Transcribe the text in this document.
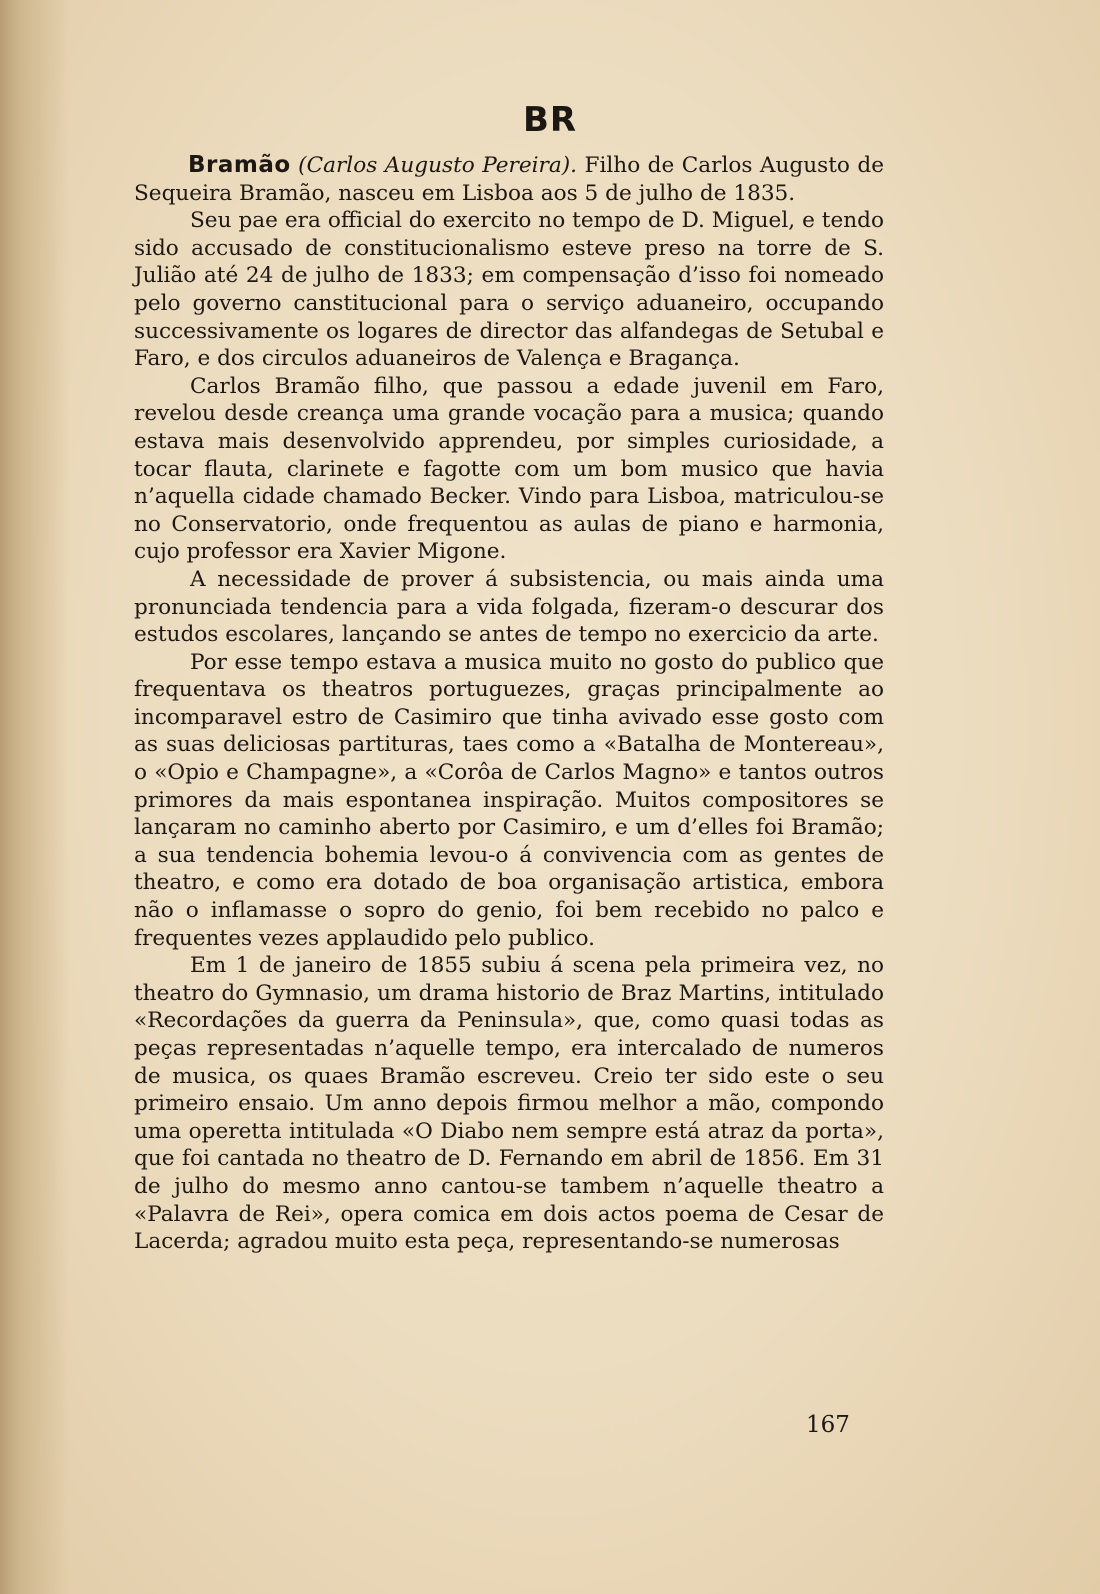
BR

Bramão (Carlos Augusto Pereira). Filho de Carlos Augusto de Sequeira Bramão, nasceu em Lisboa aos 5 de julho de 1835.

Seu pae era official do exercito no tempo de D. Miguel, e tendo sido accusado de constitucionalismo esteve preso na torre de S. Julião até 24 de julho de 1833; em compensação d’isso foi nomeado pelo governo canstitucional para o serviço aduaneiro, occupando successivamente os logares de director das alfandegas de Setubal e Faro, e dos circulos aduaneiros de Valença e Bragança.

Carlos Bramão filho, que passou a edade juvenil em Faro, revelou desde creança uma grande vocação para a musica; quando estava mais desenvolvido apprendeu, por simples curiosidade, a tocar flauta, clarinete e fagotte com um bom musico que havia n’aquella cidade chamado Becker. Vindo para Lisboa, matriculou-se no Conservatorio, onde frequentou as aulas de piano e harmonia, cujo professor era Xavier Migone.

A necessidade de prover á subsistencia, ou mais ainda uma pronunciada tendencia para a vida folgada, fizeram-o descurar dos estudos escolares, lançando se antes de tempo no exercicio da arte.

Por esse tempo estava a musica muito no gosto do publico que frequentava os theatros portuguezes, graças principalmente ao incomparavel estro de Casimiro que tinha avivado esse gosto com as suas deliciosas partituras, taes como a «Batalha de Montereau», o «Opio e Champagne», a «Corôa de Carlos Magno» e tantos outros primores da mais espontanea inspiração. Muitos compositores se lançaram no caminho aberto por Casimiro, e um d’elles foi Bramão; a sua tendencia bohemia levou-o á convivencia com as gentes de theatro, e como era dotado de boa organisação artistica, embora não o inflamasse o sopro do genio, foi bem recebido no palco e frequentes vezes applaudido pelo publico.

Em 1 de janeiro de 1855 subiu á scena pela primeira vez, no theatro do Gymnasio, um drama historio de Braz Martins, intitulado «Recordações da guerra da Peninsula», que, como quasi todas as peças representadas n’aquelle tempo, era intercalado de numeros de musica, os quaes Bramão escreveu. Creio ter sido este o seu primeiro ensaio. Um anno depois firmou melhor a mão, compondo uma operetta intitulada «O Diabo nem sempre está atraz da porta», que foi cantada no theatro de D. Fernando em abril de 1856. Em 31 de julho do mesmo anno cantou-se tambem n’aquelle theatro a «Palavra de Rei», opera comica em dois actos poema de Cesar de Lacerda; agradou muito esta peça, representando-se numerosas

167
